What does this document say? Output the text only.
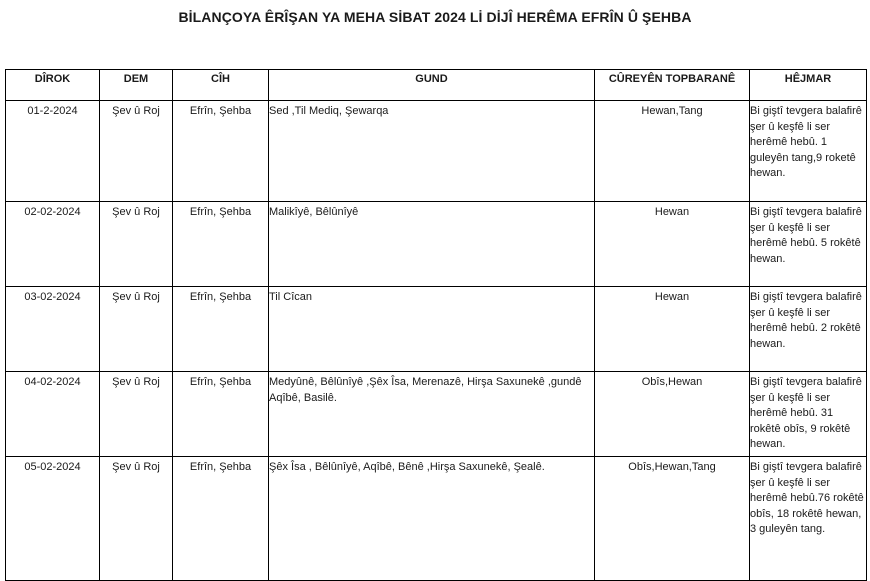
BİLANÇOYA ÊRÎŞAN YA MEHA SİBAT 2024 Lİ DİJÎ HERÊMA EFRÎN Û ŞEHBA
DÎROK	DEM	CÎH	GUND	CÛREYÊN TOPBARANÊ	HÊJMAR
01-2-2024	Şev û Roj	Efrîn, Şehba	Sed ,Til Mediq, Şewarqa	Hewan,Tang	Bi giştî tevgera balafirê şer û keşfê li ser herêmê hebû. 1 guleyên tang,9 roketê hewan.
02-02-2024	Şev û Roj	Efrîn, Şehba	Malikîyê, Bêlûnîyê	Hewan	Bi giştî tevgera balafirê şer û keşfê li ser herêmê hebû. 5 rokêtê hewan.
03-02-2024	Şev û Roj	Efrîn, Şehba	Til Cîcan	Hewan	Bi giştî tevgera balafirê şer û keşfê li ser herêmê hebû. 2 rokêtê hewan.
04-02-2024	Şev û Roj	Efrîn, Şehba	Medyûnê, Bêlûnîyê ,Şêx Îsa, Merenazê, Hirşa Saxunekê ,gundê Aqîbê, Basilê.	Obîs,Hewan	Bi giştî tevgera balafirê şer û keşfê li ser herêmê hebû. 31 rokêtê obîs, 9 rokêtê hewan.
05-02-2024	Şev û Roj	Efrîn, Şehba	Şêx Îsa , Bêlûnîyê, Aqîbê, Bênê ,Hirşa Saxunekê, Şealê.	Obîs,Hewan,Tang	Bi giştî tevgera balafirê şer û keşfê li ser herêmê hebû.76 rokêtê obîs, 18 rokêtê hewan, 3 guleyên tang.
